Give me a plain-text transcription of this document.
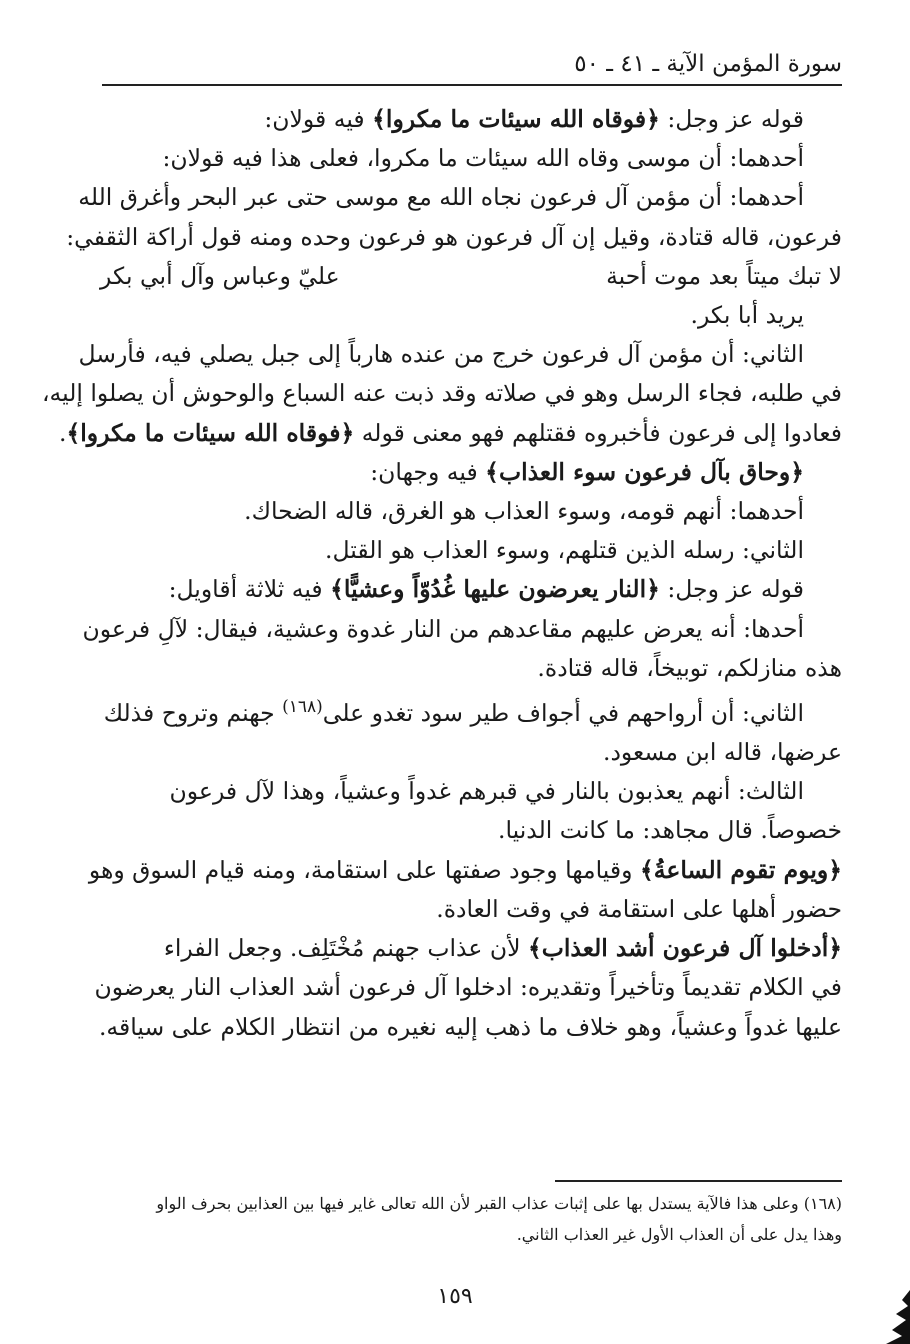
سورة المؤمن الآية ـ ٤١ ـ ٥٠
قوله عز وجل: ﴿فوقاه الله سيئات ما مكروا﴾ فيه قولان:
أحدهما: أن موسى وقاه الله سيئات ما مكروا، فعلى هذا فيه قولان:
أحدهما: أن مؤمن آل فرعون نجاه الله مع موسى حتى عبر البحر وأغرق الله
فرعون، قاله قتادة، وقيل إن آل فرعون هو فرعون وحده ومنه قول أراكة الثقفي:
لا تبك ميتاً بعد موت أحبة
عليّ وعباس وآل أبي بكر
يريد أبا بكر.
الثاني: أن مؤمن آل فرعون خرج من عنده هارباً إلى جبل يصلي فيه، فأرسل
في طلبه، فجاء الرسل وهو في صلاته وقد ذبت عنه السباع والوحوش أن يصلوا إليه،
فعادوا إلى فرعون فأخبروه فقتلهم فهو معنى قوله ﴿فوقاه الله سيئات ما مكروا﴾.
﴿وحاق بآل فرعون سوء العذاب﴾ فيه وجهان:
أحدهما: أنهم قومه، وسوء العذاب هو الغرق، قاله الضحاك.
الثاني: رسله الذين قتلهم، وسوء العذاب هو القتل.
قوله عز وجل: ﴿النار يعرضون عليها غُدُوّاً وعشيًّا﴾ فيه ثلاثة أقاويل:
أحدها: أنه يعرض عليهم مقاعدهم من النار غدوة وعشية، فيقال: لآلِ فرعون
هذه منازلكم، توبيخاً، قاله قتادة.
الثاني: أن أرواحهم في أجواف طير سود تغدو على$^{(١٦٨)}$ جهنم وتروح فذلك
عرضها، قاله ابن مسعود.
الثالث: أنهم يعذبون بالنار في قبرهم غدواً وعشياً، وهذا لآل فرعون
خصوصاً. قال مجاهد: ما كانت الدنيا.
﴿ويوم تقوم الساعةُ﴾ وقيامها وجود صفتها على استقامة، ومنه قيام السوق وهو
حضور أهلها على استقامة في وقت العادة.
﴿أدخلوا آل فرعون أشد العذاب﴾ لأن عذاب جهنم مُخْتَلِف. وجعل الفراء
في الكلام تقديماً وتأخيراً وتقديره: ادخلوا آل فرعون أشد العذاب النار يعرضون
عليها غدواً وعشياً، وهو خلاف ما ذهب إليه نغيره من انتظار الكلام على سياقه.
(١٦٨) وعلى هذا فالآية يستدل بها على إثبات عذاب القبر لأن الله تعالى غاير فيها بين العذابين بحرف الواو
وهذا يدل على أن العذاب الأول غير العذاب الثاني.
١٥٩
